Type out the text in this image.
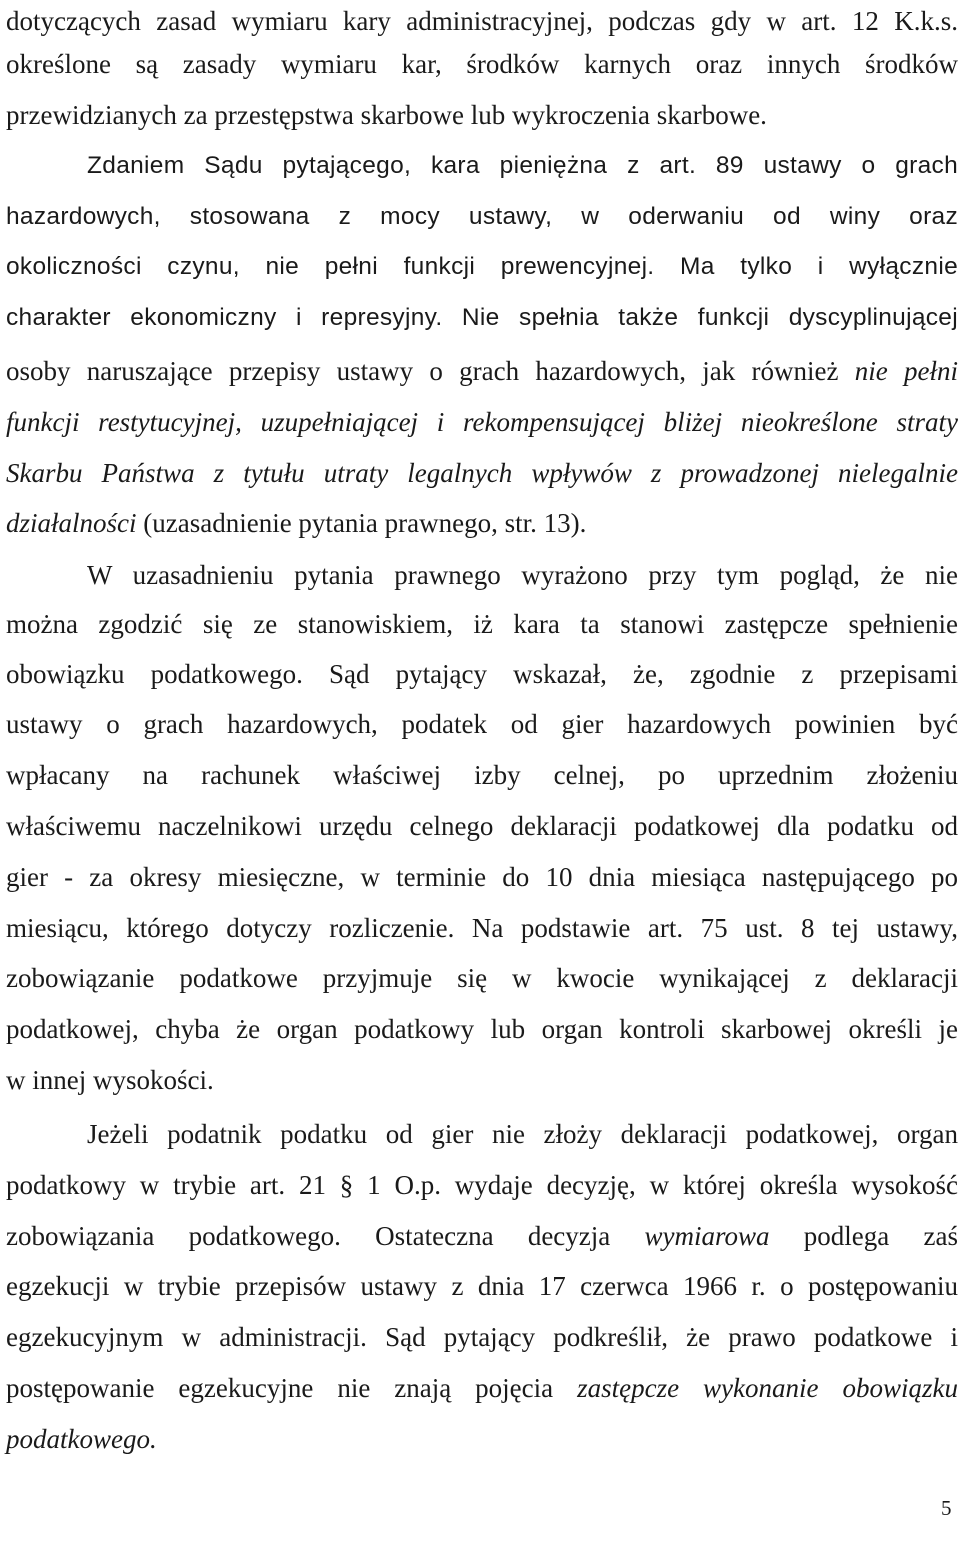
dotyczących zasad wymiaru kary administracyjnej, podczas gdy w art. 12 K.k.s.
określone są zasady wymiaru kar, środków karnych oraz innych środków
przewidzianych za przestępstwa skarbowe lub wykroczenia skarbowe.
Zdaniem Sądu pytającego, kara pieniężna z art. 89 ustawy o grach
hazardowych, stosowana z mocy ustawy, w oderwaniu od winy oraz
okoliczności czynu, nie pełni funkcji prewencyjnej. Ma tylko i wyłącznie
charakter ekonomiczny i represyjny. Nie spełnia także funkcji dyscyplinującej
osoby naruszające przepisy ustawy o grach hazardowych, jak również nie pełni
funkcji restytucyjnej, uzupełniającej i rekompensującej bliżej nieokreślone straty
Skarbu Państwa z tytułu utraty legalnych wpływów z prowadzonej nielegalnie
działalności (uzasadnienie pytania prawnego, str. 13).
W uzasadnieniu pytania prawnego wyrażono przy tym pogląd, że nie
można zgodzić się ze stanowiskiem, iż kara ta stanowi zastępcze spełnienie
obowiązku podatkowego. Sąd pytający wskazał, że, zgodnie z przepisami
ustawy o grach hazardowych, podatek od gier hazardowych powinien być
wpłacany na rachunek właściwej izby celnej, po uprzednim złożeniu
właściwemu naczelnikowi urzędu celnego deklaracji podatkowej dla podatku od
gier - za okresy miesięczne, w terminie do 10 dnia miesiąca następującego po
miesiącu, którego dotyczy rozliczenie. Na podstawie art. 75 ust. 8 tej ustawy,
zobowiązanie podatkowe przyjmuje się w kwocie wynikającej z deklaracji
podatkowej, chyba że organ podatkowy lub organ kontroli skarbowej określi je
w innej wysokości.
Jeżeli podatnik podatku od gier nie złoży deklaracji podatkowej, organ
podatkowy w trybie art. 21 § 1 O.p. wydaje decyzję, w której określa wysokość
zobowiązania podatkowego. Ostateczna decyzja wymiarowa podlega zaś
egzekucji w trybie przepisów ustawy z dnia 17 czerwca 1966 r. o postępowaniu
egzekucyjnym w administracji. Sąd pytający podkreślił, że prawo podatkowe i
postępowanie egzekucyjne nie znają pojęcia zastępcze wykonanie obowiązku
podatkowego.
5
